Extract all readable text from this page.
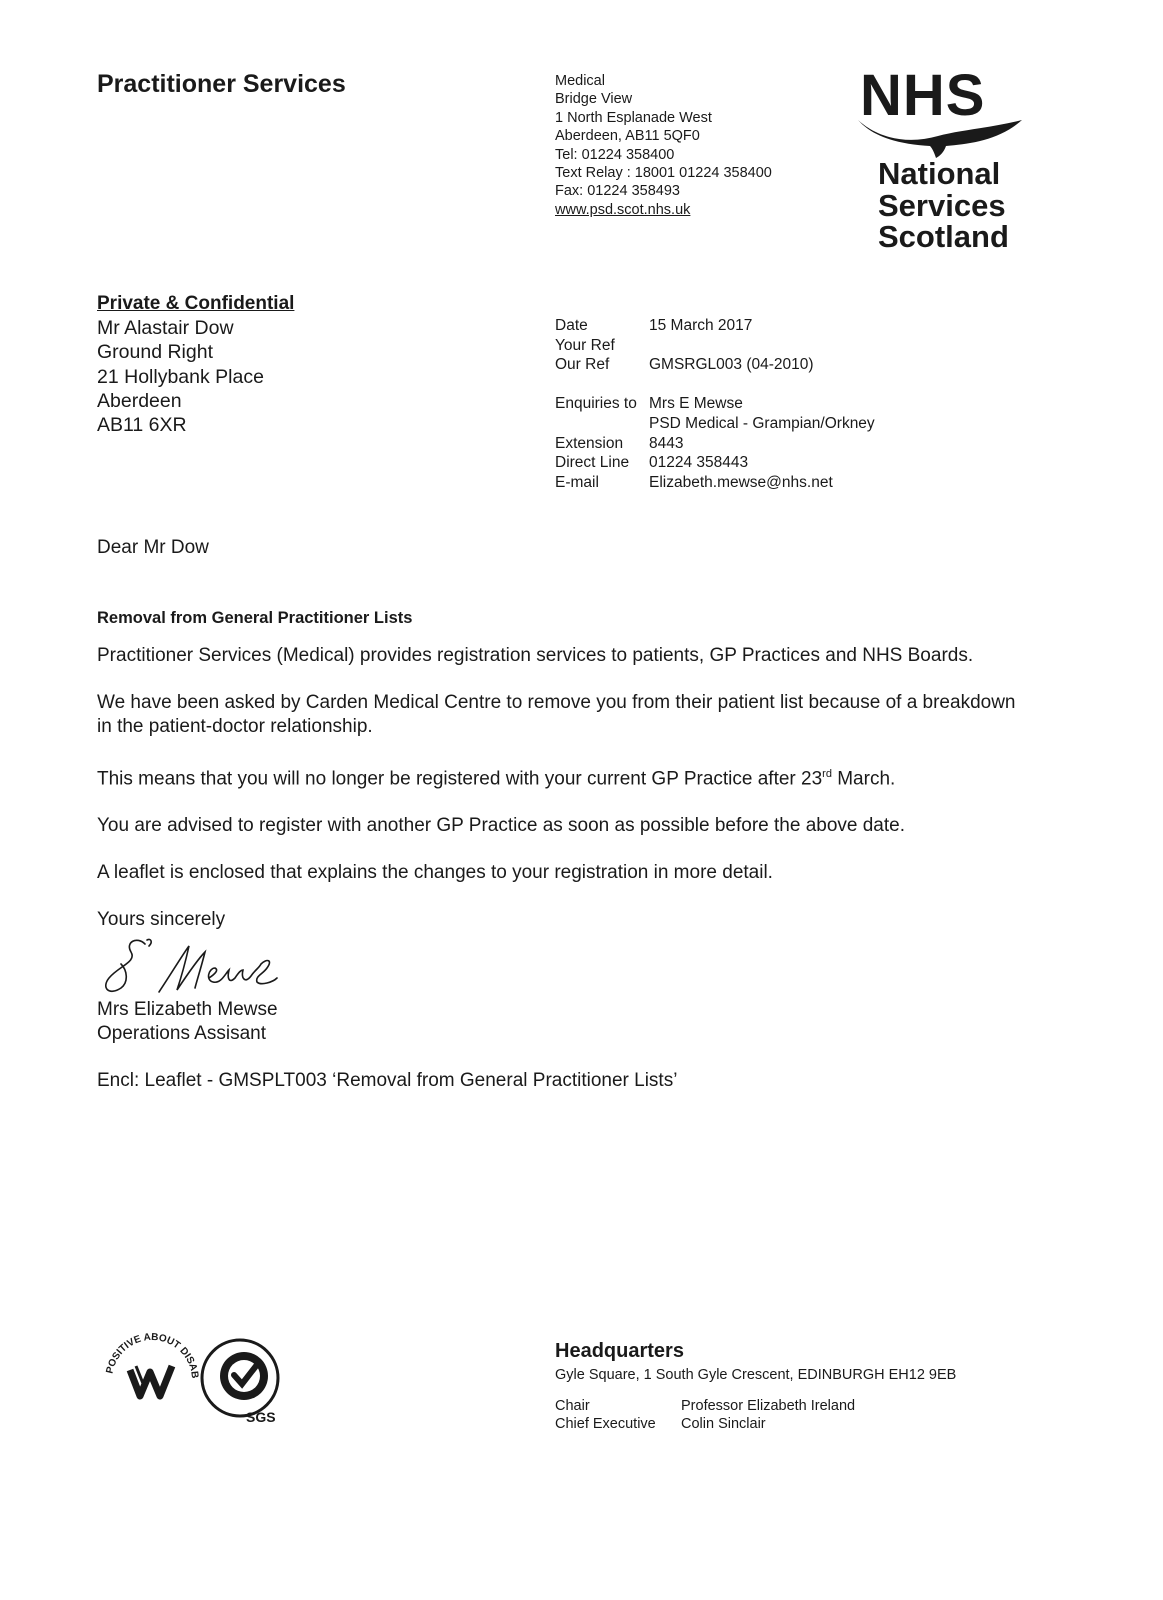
Practitioner Services	Medical
Bridge View
1 North Esplanade West
Aberdeen, AB11 5QF0
Tel: 01224 358400
Text Relay : 18001 01224 358400
Fax: 01224 358493
www.psd.scot.nhs.uk
NHS
National
Services
Scotland
Private & Confidential
Mr Alastair Dow
Ground Right
21 Hollybank Place
Aberdeen
AB11 6XR
Date	15 March 2017
Your Ref	
Our Ref	GMSRGL003 (04-2010)

Enquiries to	Mrs E Mewse
	PSD Medical - Grampian/Orkney
Extension	8443
Direct Line	01224 358443
E-mail	Elizabeth.mewse@nhs.net

Dear Mr Dow

Removal from General Practitioner Lists

Practitioner Services (Medical) provides registration services to patients, GP Practices and NHS Boards.

We have been asked by Carden Medical Centre to remove you from their patient list because of a breakdown in the patient-doctor relationship.

This means that you will no longer be registered with your current GP Practice after 23rd March.

You are advised to register with another GP Practice as soon as possible before the above date.

A leaflet is enclosed that explains the changes to your registration in more detail.

Yours sincerely

Mrs Elizabeth Mewse

Operations Assisant

Encl: Leaflet - GMSPLT003 ‘Removal from General Practitioner Lists’

POSITIVE ABOUT DISAB
SGS
Headquarters
Gyle Square, 1 South Gyle Crescent, EDINBURGH EH12 9EB
Chair	Professor Elizabeth Ireland
Chief Executive	Colin Sinclair
